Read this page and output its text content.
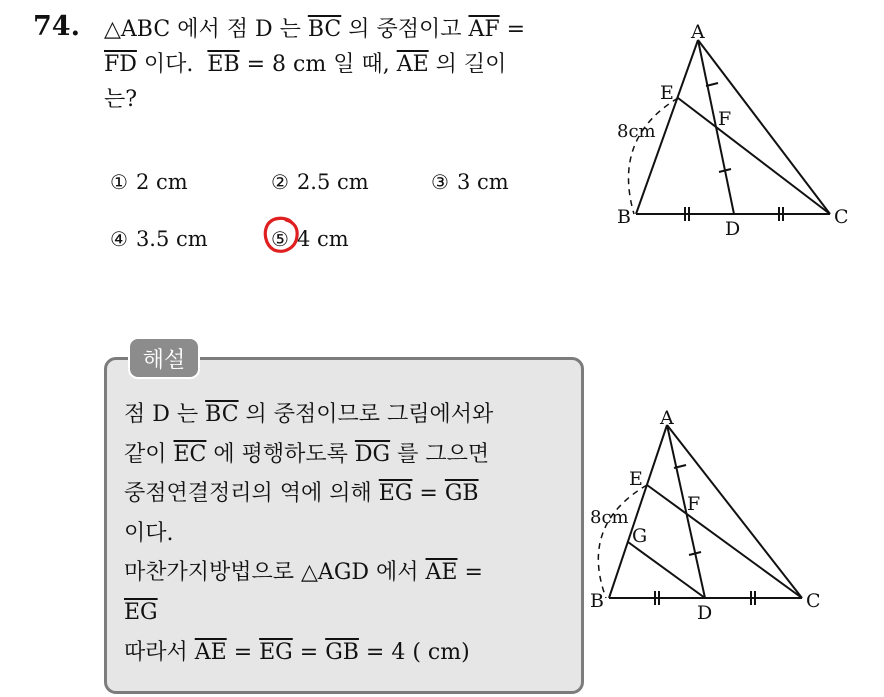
74. △ABC 에서 점 D 는 $\overline{BC}$ 의 중점이고 $\overline{AF}$ =
$\overline{FD}$ 이다.  $\overline{EB} = 8$ cm 일 때, $\overline{AE}$ 의 길이
는?
① 2 cm	② 2.5 cm	③ 3 cm
④ 3.5 cm	⑤ 4 cm
A
E
F
8cm
B
D
C
해설
점 D 는 $\overline{BC}$ 의 중점이므로 그림에서와
같이 $\overline{EC}$ 에 평행하도록 $\overline{DG}$ 를 그으면
중점연결정리의 역에 의해 $\overline{EG} = \overline{GB}$
이다.
마찬가지방법으로 △AGD 에서 $\overline{AE}$ =
$\overline{EG}$
따라서 $\overline{AE} = \overline{EG} = \overline{GB} = 4$ ( cm)
A
E
F
G
8cm
B
D
C
